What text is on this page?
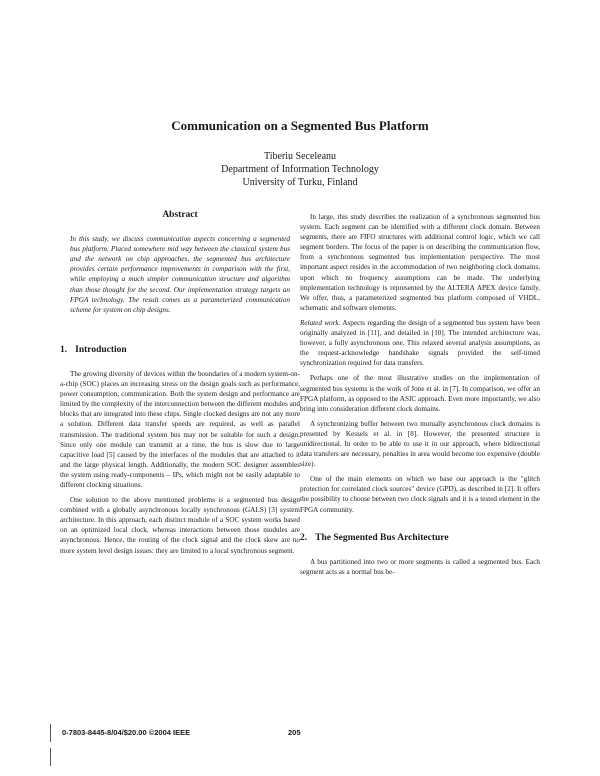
Communication on a Segmented Bus Platform
Tiberiu Seceleanu
Department of Information Technology
University of Turku, Finland
Abstract

In this study, we discuss communication aspects concerning a segmented bus platform. Placed somewhere mid way between the classical system bus and the network on chip approaches, the segmented bus architecture provides certain performance improvements in comparison with the first, while employing a much simpler communication structure and algorithm than those thought for the second. Our implementation strategy targets an FPGA technology. The result comes as a parameterized communication scheme for system on chip designs.

1. Introduction

The growing diversity of devices within the boundaries of a modern system-on-a-chip (SOC) places an increasing stress on the design goals such as performance, power consumption, communication. Both the system design and performance are limited by the complexity of the interconnection between the different modules and blocks that are integrated into these chips. Single clocked designs are not any more a solution. Different data transfer speeds are required, as well as parallel transmission. The traditional system bus may not be suitable for such a design. Since only one module can transmit at a time, the bus is slow due to large capacitive load [5] caused by the interfaces of the modules that are attached to it and the large physical length. Additionally, the modern SOC designer assembles the system using ready-components – IPs, which might not be easily adaptable to different clocking situations.

One solution to the above mentioned problems is a segmented bus design combined with a globally asynchronous locally synchronous (GALS) [3] system architecture. In this approach, each distinct module of a SOC system works based on an optimized local clock, whereas interactions between those modules are asynchronous. Hence, the routing of the clock signal and the clock skew are no more system level design issues: they are limited to a local synchronous segment.

In large, this study describes the realization of a synchronous segmented bus system. Each segment can be identified with a different clock domain. Between segments, there are FIFO structures with additional control logic, which we call segment borders. The focus of the paper is on describing the communication flow, from a synchronous segmented bus implementation perspective. The most important aspect resides in the accommodation of two neighboring clock domains, upon which no frequency assumptions can be made. The underlying implementation technology is represented by the ALTERA APEX device family. We offer, thus, a parameterized segmented bus platform composed of VHDL, schematic and software elements.

Related work. Aspects regarding the design of a segmented bus system have been originally analyzed in [11], and detailed in [10]. The intended architecture was, however, a fully asynchronous one. This relaxed several analysis assumptions, as the request-acknowledge handshake signals provided the self-timed synchronization required for data transfers.

Perhaps one of the most illustrative studies on the implementation of segmented bus systems is the work of Jone et al. in [7]. In comparison, we offer an FPGA platform, as opposed to the ASIC approach. Even more importantly, we also bring into consideration different clock domains.

A synchronizing buffer between two mutually asynchronous clock domains is presented by Kessels et al. in [8]. However, the presented structure is unidirectional. In order to be able to use it in our approach, where bidirectional data transfers are necessary, penalties in area would become too expensive (double size).

One of the main elements on which we base our approach is the "glitch protection for correlated clock sources" device (GPD), as described in [2]. It offers the possibility to choose between two clock signals and it is a tested element in the FPGA community.

2. The Segmented Bus Architecture

A bus partitioned into two or more segments is called a segmented bus. Each segment acts as a normal bus be-

0-7803-8445-8/04/$20.00 ©2004 IEEE	205
